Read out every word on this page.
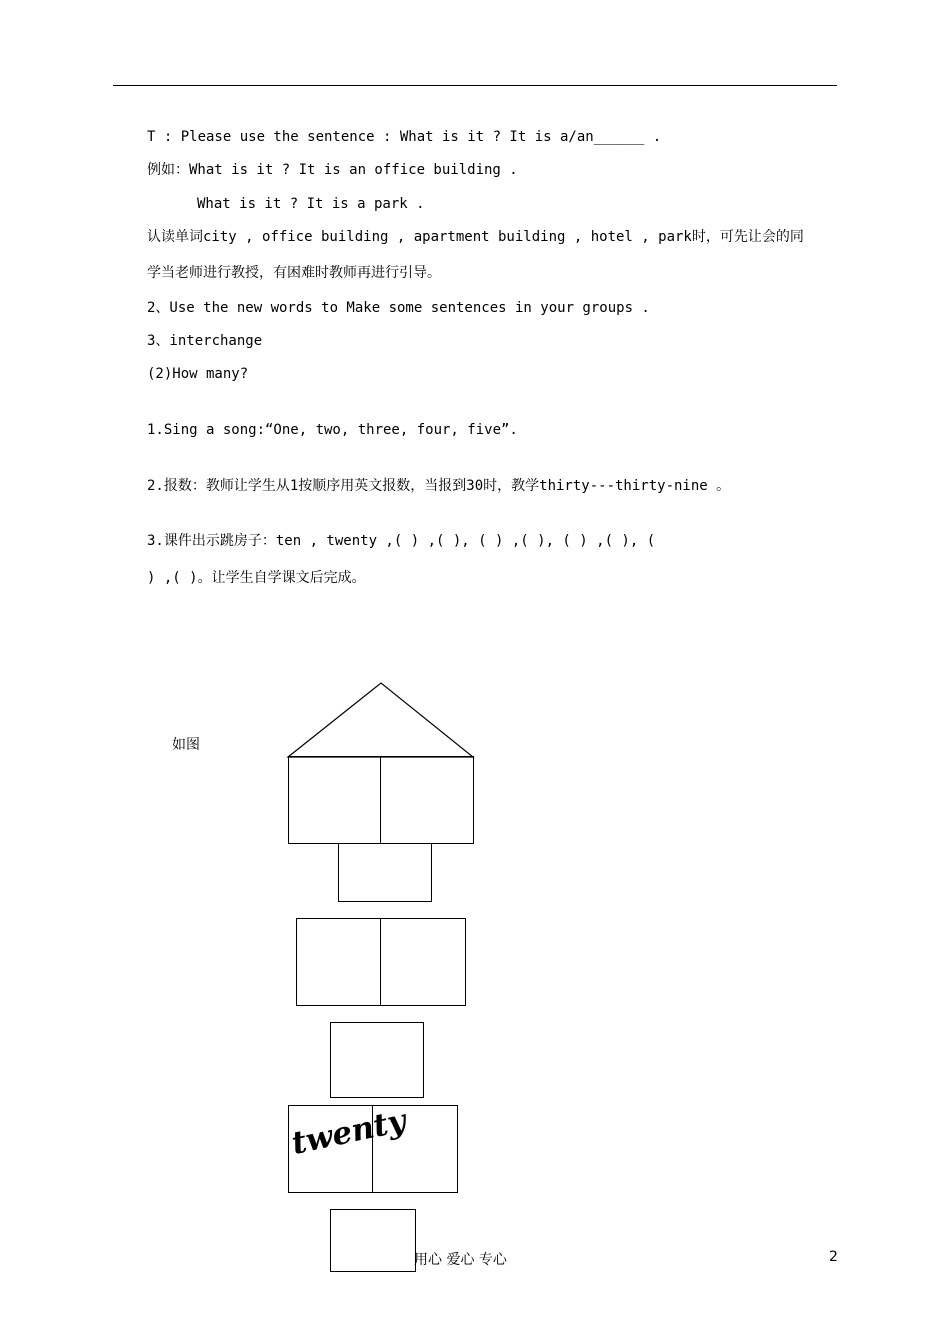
T : Please use the sentence : What is it ? It is a/an______ .
例如：What is it ? It is an office building .
What is it ? It is a park .
认读单词city , office building , apartment building , hotel , park时，可先让会的同
学当老师进行教授，有困难时教师再进行引导。
2、Use the new words to Make some sentences in your groups .
3、interchange
(2)How many?
1.Sing a song:“One, two, three, four, five”.
2.报数：教师让学生从1按顺序用英文报数，当报到30时，教学thirty---thirty-nine 。
3.课件出示跳房子：ten , twenty ,( ) ,( ), ( ) ,( ), ( ) ,( ), (
) ,( )。让学生自学课文后完成。
如图
twenty
用心 爱心 专心	2
